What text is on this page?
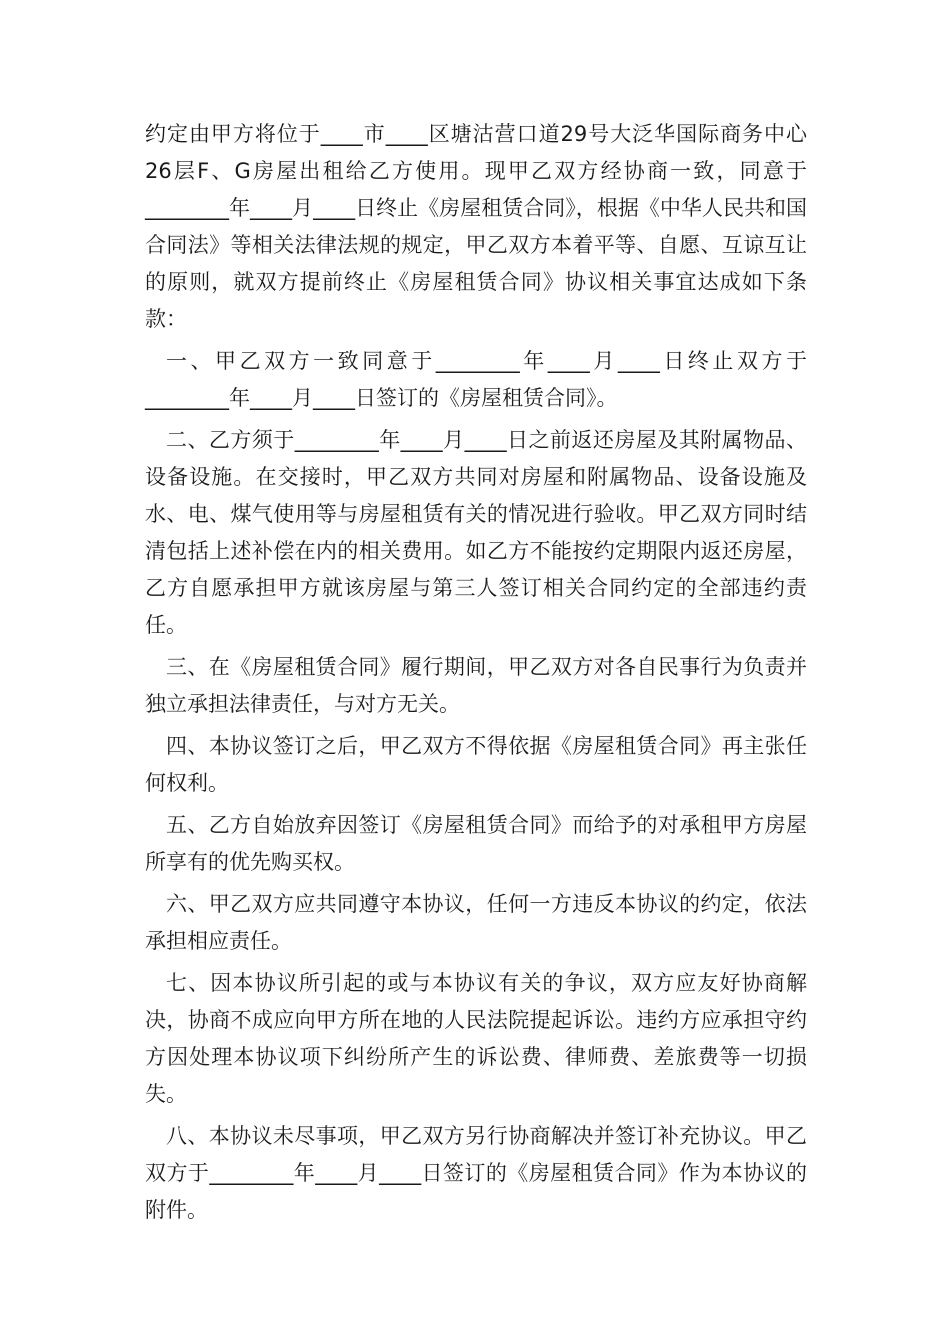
约定由甲方将位于____市____区塘沽营口道29号大泛华国际商务中心26层F、G房屋出租给乙方使用。现甲乙双方经协商一致，同意于________年____月____日终止《房屋租赁合同》，根据《中华人民共和国合同法》等相关法律法规的规定，甲乙双方本着平等、自愿、互谅互让的原则，就双方提前终止《房屋租赁合同》协议相关事宜达成如下条款：

一、甲乙双方一致同意于________年____月____日终止双方于________年____月____日签订的《房屋租赁合同》。

二、乙方须于________年____月____日之前返还房屋及其附属物品、设备设施。在交接时，甲乙双方共同对房屋和附属物品、设备设施及水、电、煤气使用等与房屋租赁有关的情况进行验收。甲乙双方同时结清包括上述补偿在内的相关费用。如乙方不能按约定期限内返还房屋，乙方自愿承担甲方就该房屋与第三人签订相关合同约定的全部违约责任。

三、在《房屋租赁合同》履行期间，甲乙双方对各自民事行为负责并独立承担法律责任，与对方无关。

四、本协议签订之后，甲乙双方不得依据《房屋租赁合同》再主张任何权利。

五、乙方自始放弃因签订《房屋租赁合同》而给予的对承租甲方房屋所享有的优先购买权。

六、甲乙双方应共同遵守本协议，任何一方违反本协议的约定，依法承担相应责任。

七、因本协议所引起的或与本协议有关的争议，双方应友好协商解决，协商不成应向甲方所在地的人民法院提起诉讼。违约方应承担守约方因处理本协议项下纠纷所产生的诉讼费、律师费、差旅费等一切损失。

八、本协议未尽事项，甲乙双方另行协商解决并签订补充协议。甲乙双方于________年____月____日签订的《房屋租赁合同》作为本协议的附件。
